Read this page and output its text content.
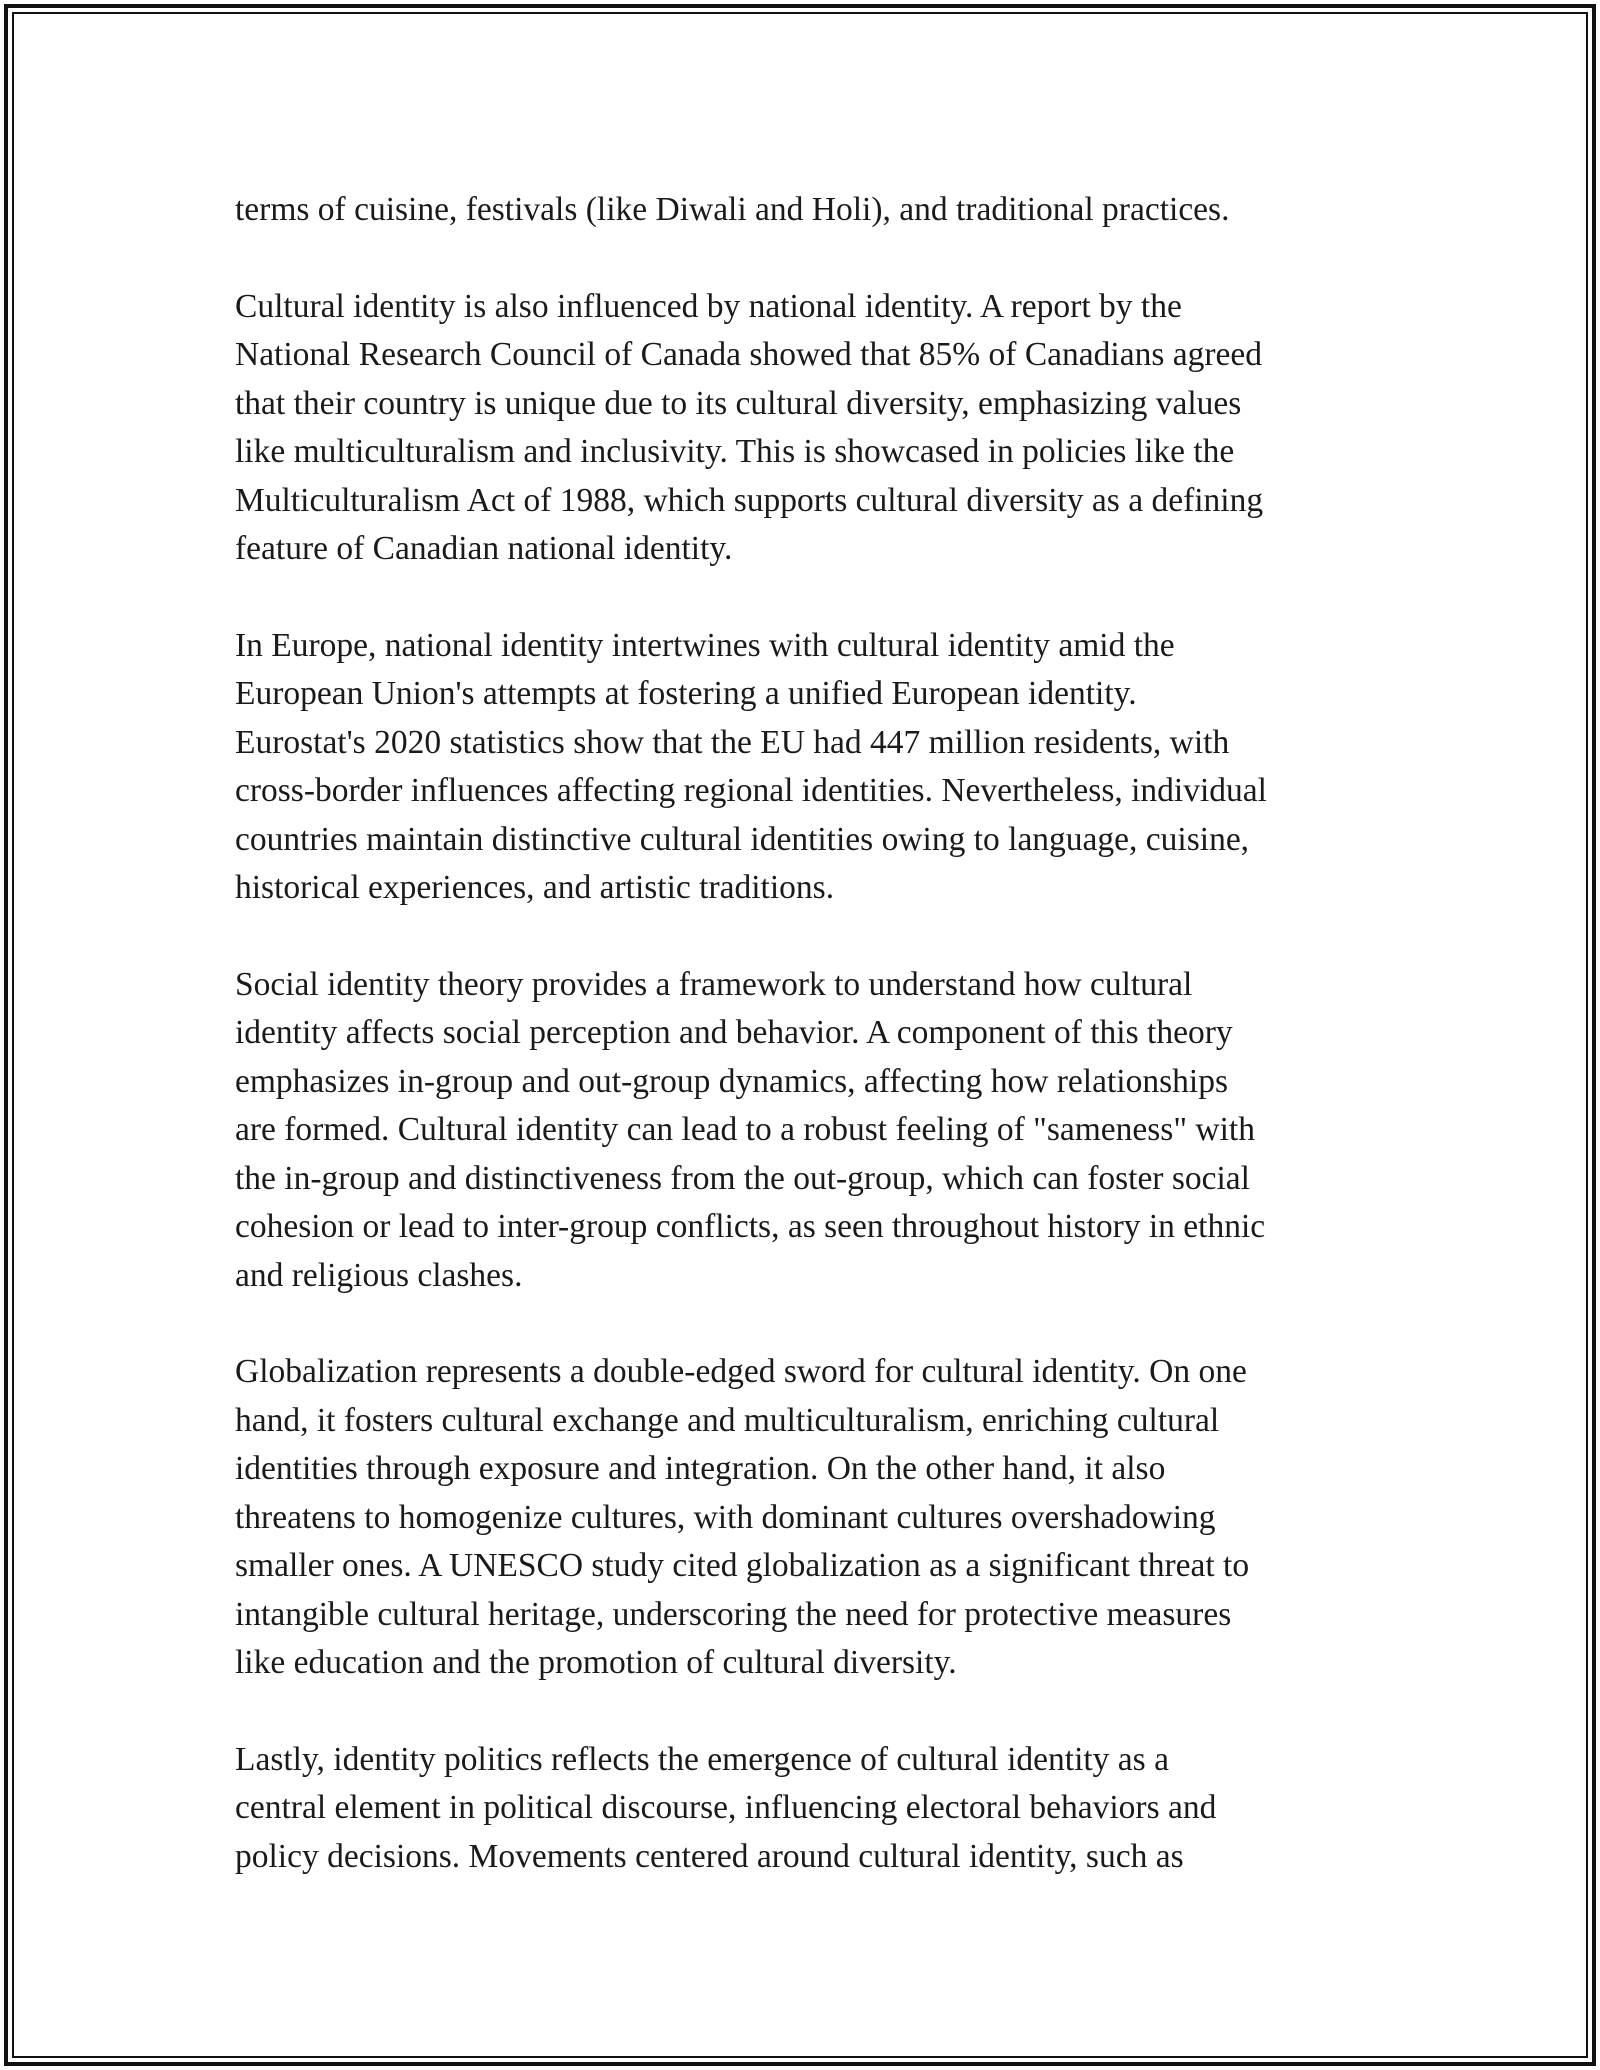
terms of cuisine, festivals (like Diwali and Holi), and traditional practices.

Cultural identity is also influenced by national identity. A report by the
National Research Council of Canada showed that 85% of Canadians agreed
that their country is unique due to its cultural diversity, emphasizing values
like multiculturalism and inclusivity. This is showcased in policies like the
Multiculturalism Act of 1988, which supports cultural diversity as a defining
feature of Canadian national identity.

In Europe, national identity intertwines with cultural identity amid the
European Union's attempts at fostering a unified European identity.
Eurostat's 2020 statistics show that the EU had 447 million residents, with
cross-border influences affecting regional identities. Nevertheless, individual
countries maintain distinctive cultural identities owing to language, cuisine,
historical experiences, and artistic traditions.

Social identity theory provides a framework to understand how cultural
identity affects social perception and behavior. A component of this theory
emphasizes in-group and out-group dynamics, affecting how relationships
are formed. Cultural identity can lead to a robust feeling of "sameness" with
the in-group and distinctiveness from the out-group, which can foster social
cohesion or lead to inter-group conflicts, as seen throughout history in ethnic
and religious clashes.

Globalization represents a double-edged sword for cultural identity. On one
hand, it fosters cultural exchange and multiculturalism, enriching cultural
identities through exposure and integration. On the other hand, it also
threatens to homogenize cultures, with dominant cultures overshadowing
smaller ones. A UNESCO study cited globalization as a significant threat to
intangible cultural heritage, underscoring the need for protective measures
like education and the promotion of cultural diversity.

Lastly, identity politics reflects the emergence of cultural identity as a
central element in political discourse, influencing electoral behaviors and
policy decisions. Movements centered around cultural identity, such as
